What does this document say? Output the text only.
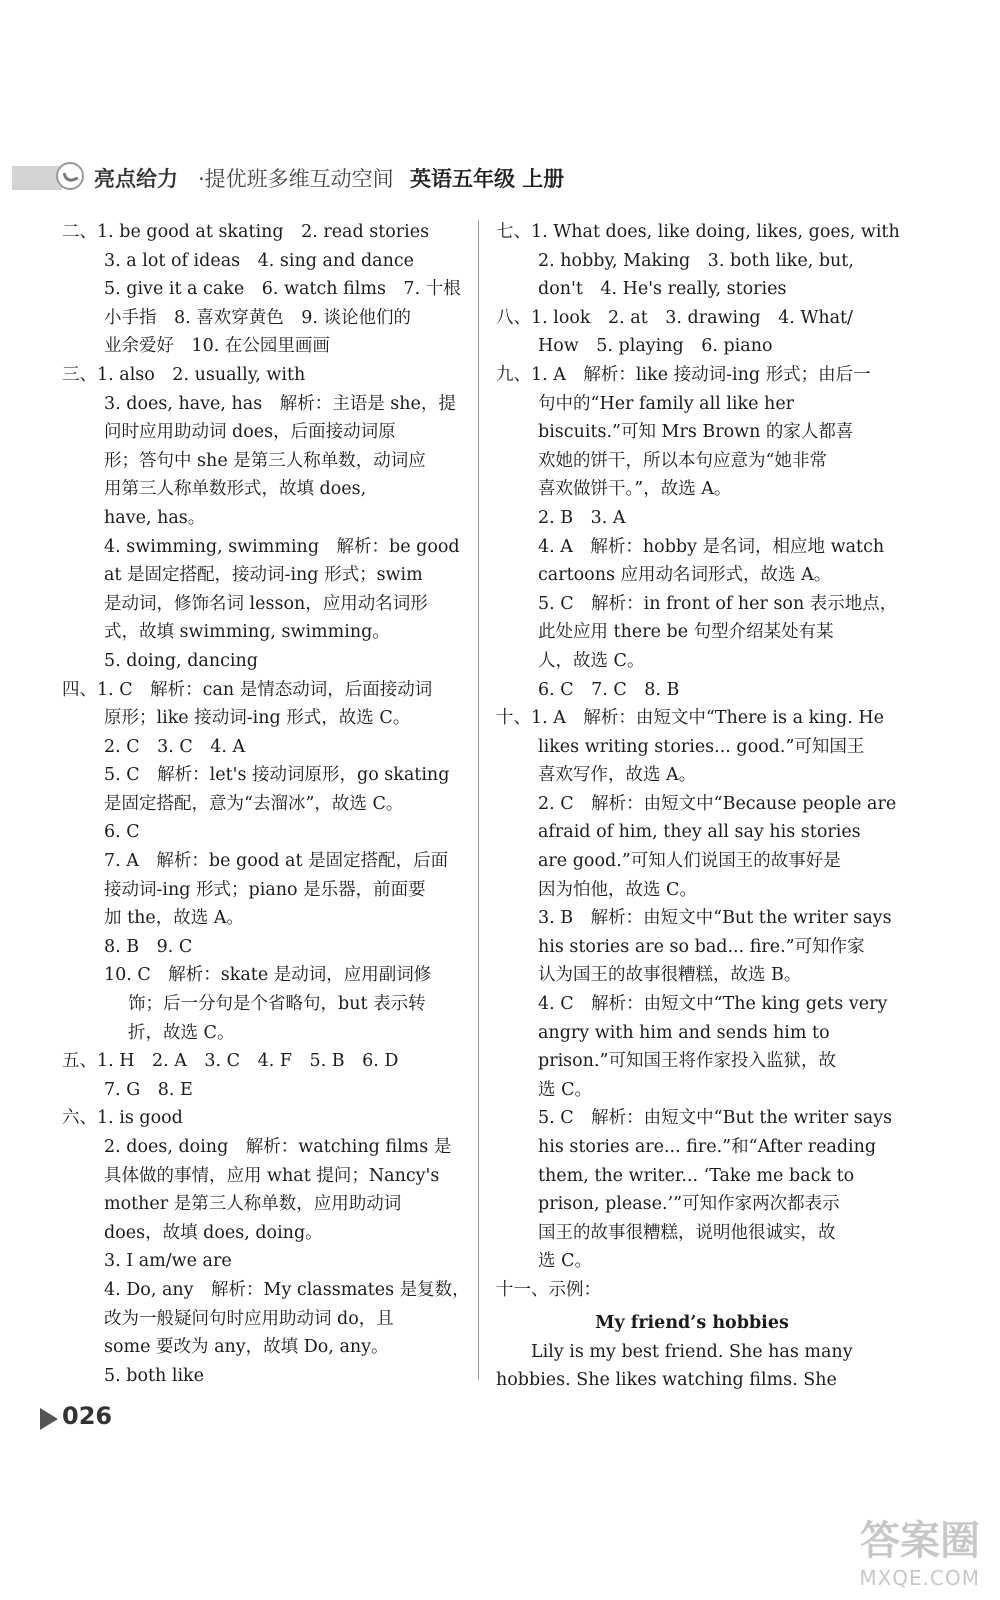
亮点给力 ·提优班多维互动空间 英语五年级 上册
二、1. be good at skating　2. read stories
3. a lot of ideas　4. sing and dance
5. give it a cake　6. watch films　7. 十根
小手指　8. 喜欢穿黄色　9. 谈论他们的
业余爱好　10. 在公园里画画
三、1. also　2. usually, with
3. does, have, has　解析：主语是 she，提
问时应用助动词 does，后面接动词原
形；答句中 she 是第三人称单数，动词应
用第三人称单数形式，故填 does,
have, has。
4. swimming, swimming　解析：be good
at 是固定搭配，接动词-ing 形式；swim
是动词，修饰名词 lesson，应用动名词形
式，故填 swimming, swimming。
5. doing, dancing
四、1. C　解析：can 是情态动词，后面接动词
原形；like 接动词-ing 形式，故选 C。
2. C　3. C　4. A
5. C　解析：let's 接动词原形，go skating
是固定搭配，意为“去溜冰”，故选 C。
6. C
7. A　解析：be good at 是固定搭配，后面
接动词-ing 形式；piano 是乐器，前面要
加 the，故选 A。
8. B　9. C
10. C　解析：skate 是动词，应用副词修
饰；后一分句是个省略句，but 表示转
折，故选 C。
五、1. H　2. A　3. C　4. F　5. B　6. D
7. G　8. E
六、1. is good
2. does, doing　解析：watching films 是
具体做的事情，应用 what 提问；Nancy's
mother 是第三人称单数，应用助动词
does，故填 does, doing。
3. I am/we are
4. Do, any　解析：My classmates 是复数，
改为一般疑问句时应用助动词 do，且
some 要改为 any，故填 Do, any。
5. both like
七、1. What does, like doing, likes, goes, with
2. hobby, Making　3. both like, but,
don't　4. He's really, stories
八、1. look　2. at　3. drawing　4. What/
How　5. playing　6. piano
九、1. A　解析：like 接动词-ing 形式；由后一
句中的“Her family all like her
biscuits.”可知 Mrs Brown 的家人都喜
欢她的饼干，所以本句应意为“她非常
喜欢做饼干。”，故选 A。
2. B　3. A
4. A　解析：hobby 是名词，相应地 watch
cartoons 应用动名词形式，故选 A。
5. C　解析：in front of her son 表示地点，
此处应用 there be 句型介绍某处有某
人，故选 C。
6. C　7. C　8. B
十、1. A　解析：由短文中“There is a king. He
likes writing stories... good.”可知国王
喜欢写作，故选 A。
2. C　解析：由短文中“Because people are
afraid of him, they all say his stories
are good.”可知人们说国王的故事好是
因为怕他，故选 C。
3. B　解析：由短文中“But the writer says
his stories are so bad... fire.”可知作家
认为国王的故事很糟糕，故选 B。
4. C　解析：由短文中“The king gets very
angry with him and sends him to
prison.”可知国王将作家投入监狱，故
选 C。
5. C　解析：由短文中“But the writer says
his stories are... fire.”和“After reading
them, the writer... ‘Take me back to
prison, please.’”可知作家两次都表示
国王的故事很糟糕，说明他很诚实，故
选 C。
十一、示例：
My friend’s hobbies
　　Lily is my best friend. She has many
hobbies. She likes watching films. She
026
答案圈
MXQE.COM
